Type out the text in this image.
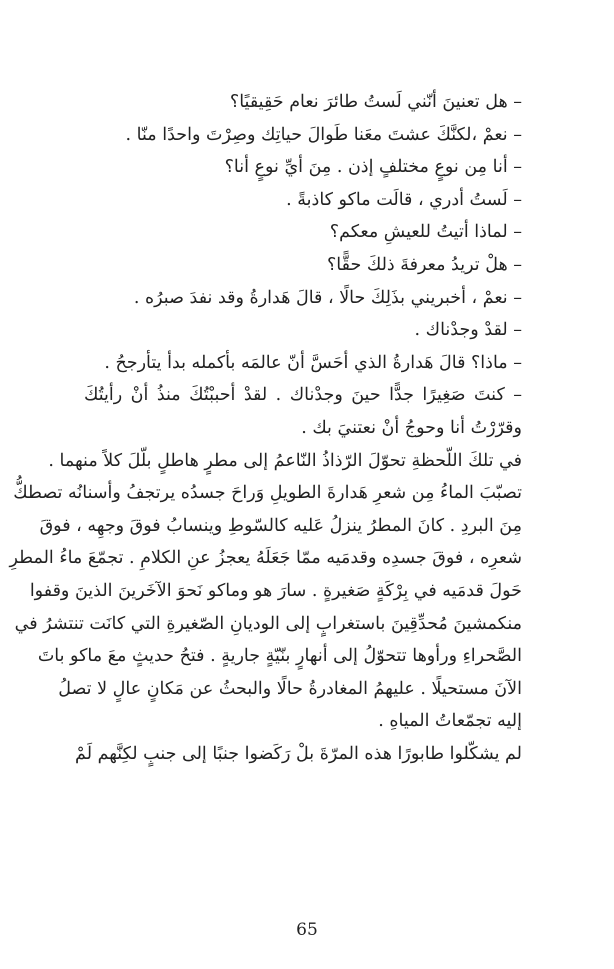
– هل تعنينَ أنّني لَستُ طائرَ نعام حَقِيقيًا؟
– نعمْ ،لكنَّكَ عشتَ معَنا طَوالَ حياتِك وصِرْتَ واحدًا منّا .
– أنا مِن نوعٍ مختلفٍ إذن . مِنَ أيِّ نوعٍ أنا؟
– لَستُ أدري ، قالَت ماكو كاذبةً .
– لماذا أتيتُ للعيشِ معكم؟
– هلْ تريدُ معرفةَ ذلكَ حقًّا؟
– نعمْ ، أخبريني بذَلِكَ حالًا ، قالَ هَدارةُ وقد نفدَ صبرُه .
– لقدْ وجدْناك .
– ماذا؟ قالَ هَدارةُ الذي أحَسَّ أنّ عالمَه بأكمله بدأ يتأرجحُ .
– كنتَ صَغِيرًا جدًّا حينَ وجدْناك . لقدْ أحببْتُكَ منذُ أنْ رأيتُكَ
وقرّرْتُ أنا وحوجُ أنْ نعتنيَ بك .
في تلكَ اللّحظةِ تحوّلَ الرّذاذُ النّاعمُ إلى مطرٍ هاطلٍ بلّلَ كلاً منهما .
تصبّبَ الماءُ مِن شعرِ هَدارةَ الطويلِ وَراحَ جسدُه يرتجفُ وأسنانُه تصطكُّ
مِنَ البردِ . كانَ المطرُ ينزلُ عَليه كالسّوطِ وينسابُ فوقَ وجهِه ، فوقَ
شعرِه ، فوقَ جسدِه وقدمَيه ممّا جَعَلَهُ يعجزُ عنِ الكلامِ . تجمّعَ ماءُ المطرِ
حَولَ قدمَيه في بِرْكَةٍ صَغيرةٍ . سارَ هو وماكو نَحوَ الآخَرينَ الذينَ وقفوا
منكمشينَ مُحدِّقِينَ باستغرابٍ إلى الوديانِ الصّغيرةِ التي كانَت تنتشرُ في
الصَّحراءِ ورأوها تتحوّلُ إلى أنهارٍ بنّيّةٍ جاريةٍ . فتحُ حديثٍ معَ ماكو باتَ
الآنَ مستحيلًا . عليهمُ المغادرةُ حالًا والبحثُ عن مَكانٍ عالٍ لا تصلُ
إليه تجمّعاتُ المياهِ .
لم يشكّلوا طابورًا هذه المرّةَ بلْ رَكَضوا جنبًا إلى جنبٍ لكِنَّهم لَمْ
65
